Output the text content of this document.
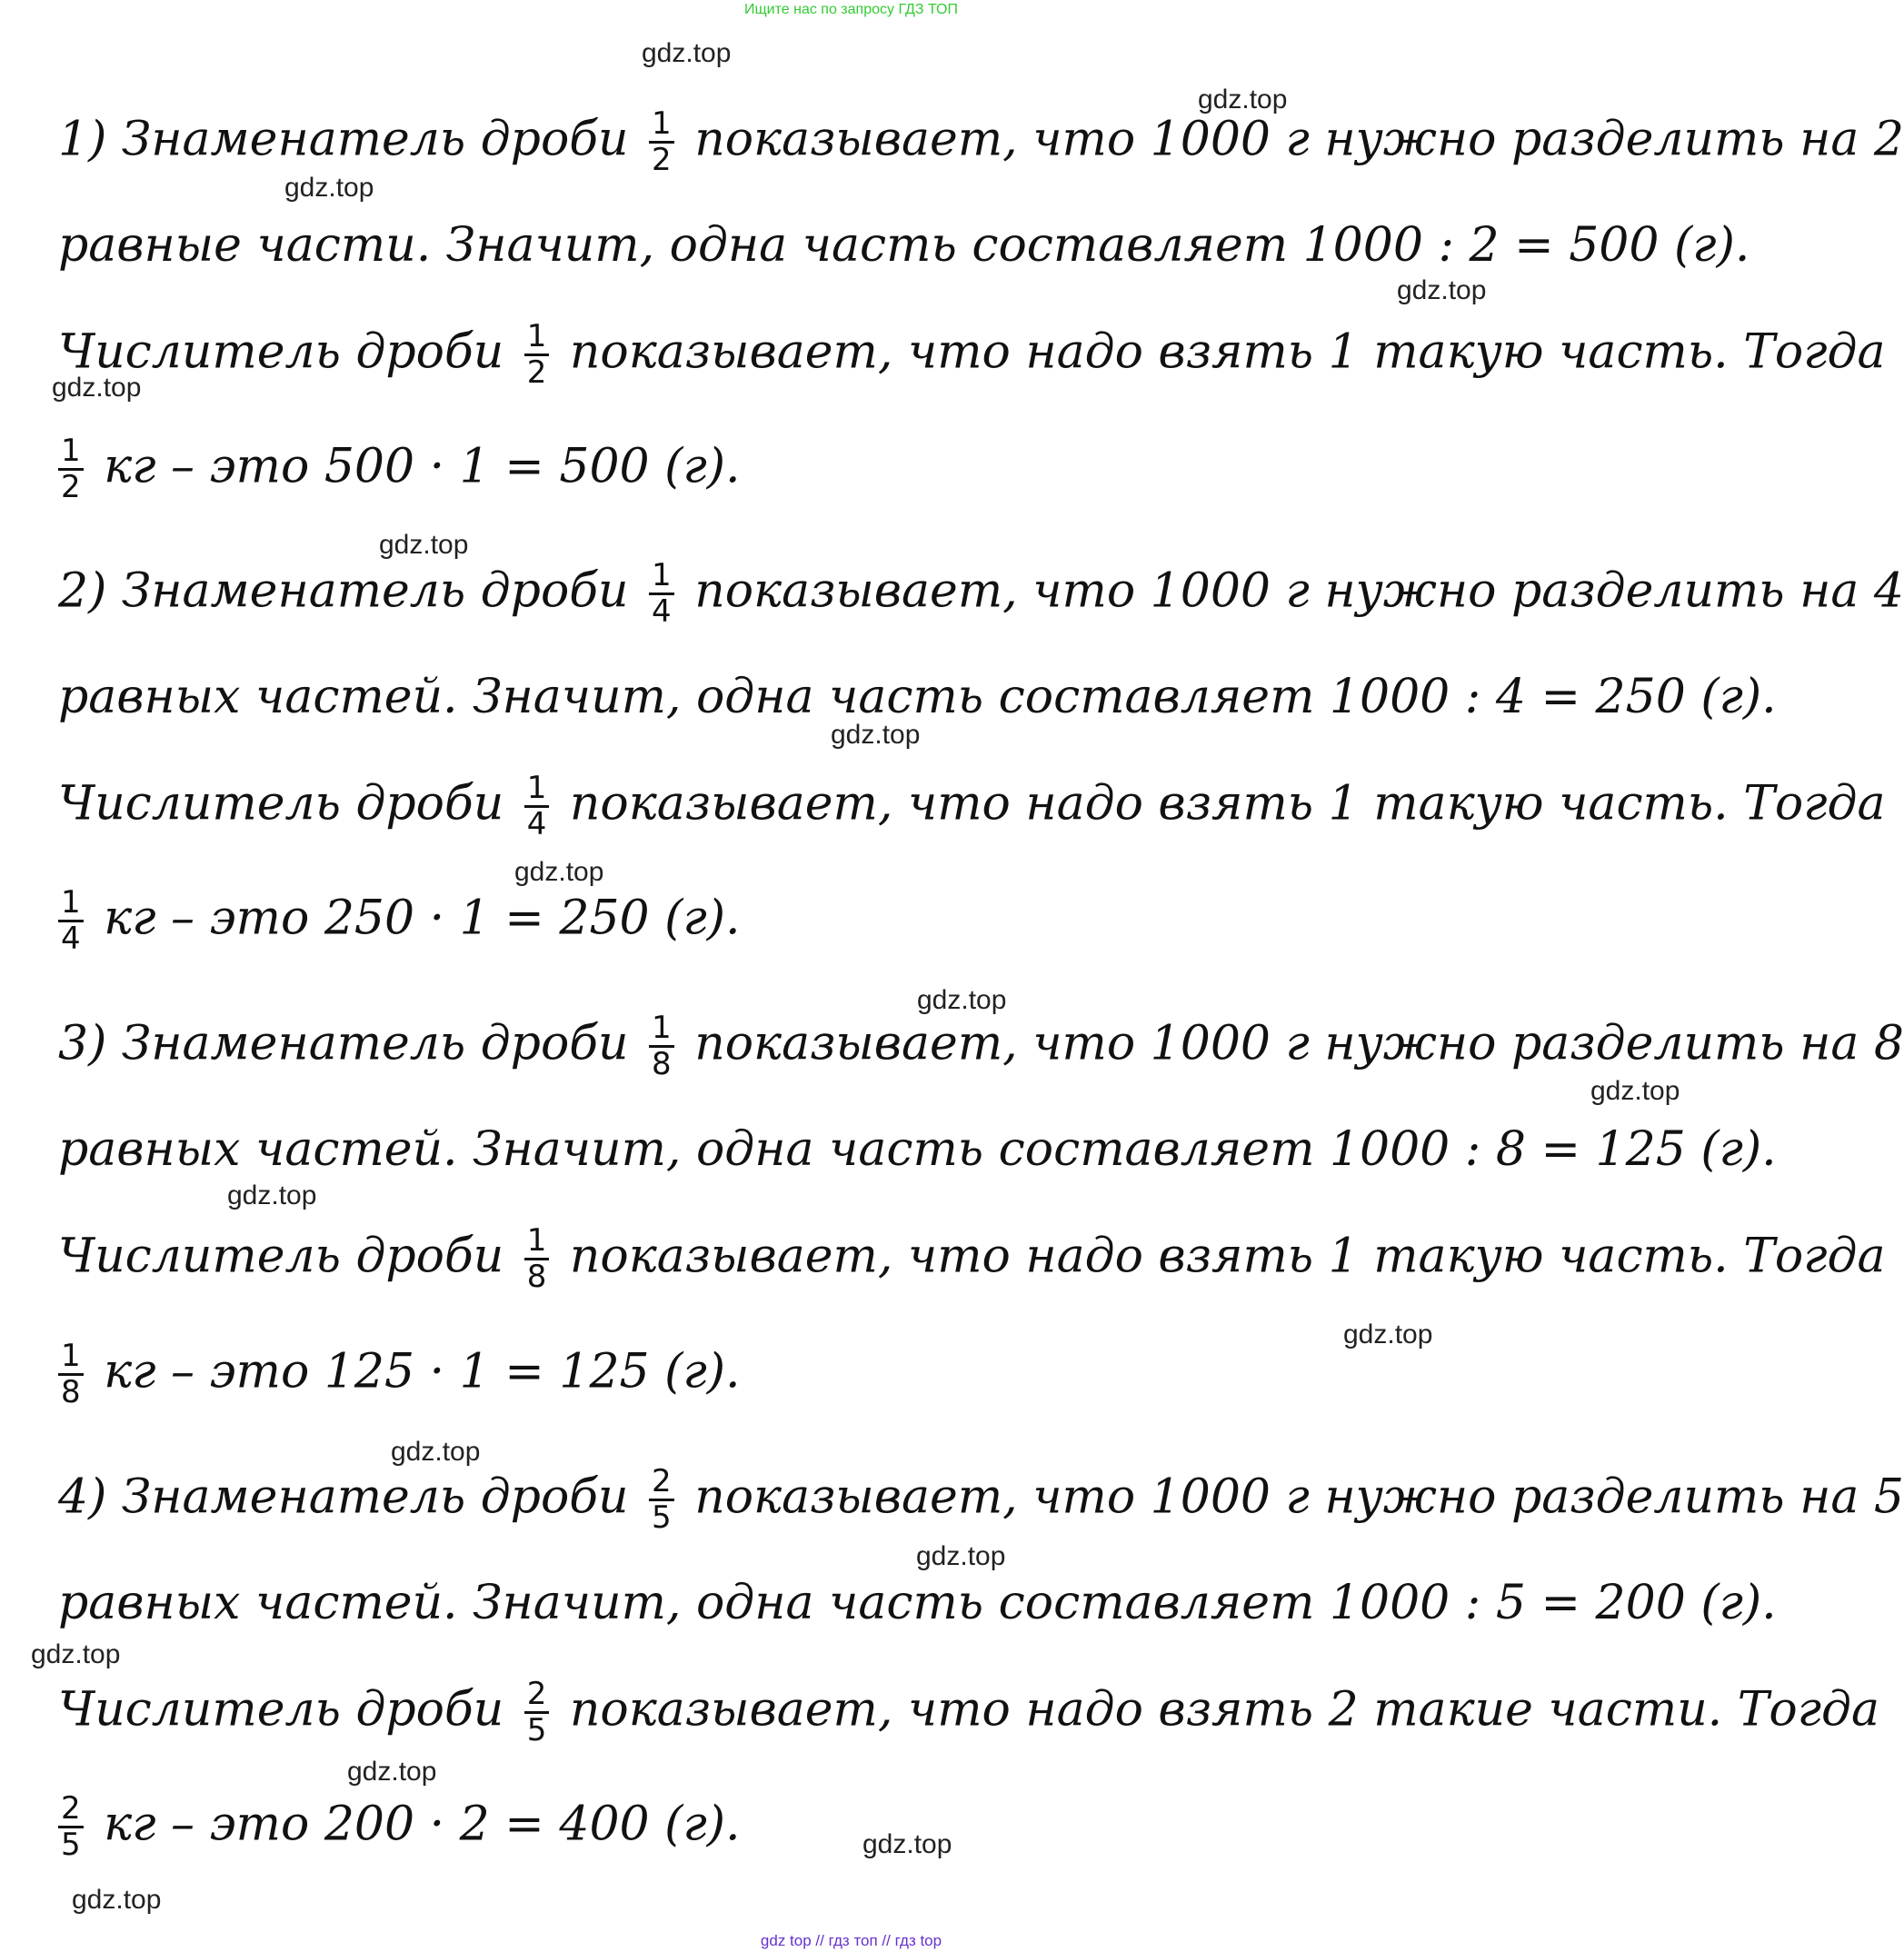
Ищите нас по запросу ГДЗ ТОП
1) Знаменатель дроби $\frac{1}{2}$ показывает, что 1000 г нужно разделить на 2
равные части. Значит, одна часть составляет 1000 : 2 = 500 (г).
Числитель дроби $\frac{1}{2}$ показывает, что надо взять 1 такую часть. Тогда
$\frac{1}{2}$ кг – это 500 · 1 = 500 (г).
2) Знаменатель дроби $\frac{1}{4}$ показывает, что 1000 г нужно разделить на 4
равных частей. Значит, одна часть составляет 1000 : 4 = 250 (г).
Числитель дроби $\frac{1}{4}$ показывает, что надо взять 1 такую часть. Тогда
$\frac{1}{4}$ кг – это 250 · 1 = 250 (г).
3) Знаменатель дроби $\frac{1}{8}$ показывает, что 1000 г нужно разделить на 8
равных частей. Значит, одна часть составляет 1000 : 8 = 125 (г).
Числитель дроби $\frac{1}{8}$ показывает, что надо взять 1 такую часть. Тогда
$\frac{1}{8}$ кг – это 125 · 1 = 125 (г).
4) Знаменатель дроби $\frac{2}{5}$ показывает, что 1000 г нужно разделить на 5
равных частей. Значит, одна часть составляет 1000 : 5 = 200 (г).
Числитель дроби $\frac{2}{5}$ показывает, что надо взять 2 такие части. Тогда
$\frac{2}{5}$ кг – это 200 · 2 = 400 (г).
gdz.top
gdz.top
gdz.top
gdz.top
gdz.top
gdz.top
gdz.top
gdz.top
gdz.top
gdz.top
gdz.top
gdz.top
gdz.top
gdz.top
gdz.top
gdz.top
gdz.top
gdz.top
gdz top // гдз топ // гдз top
